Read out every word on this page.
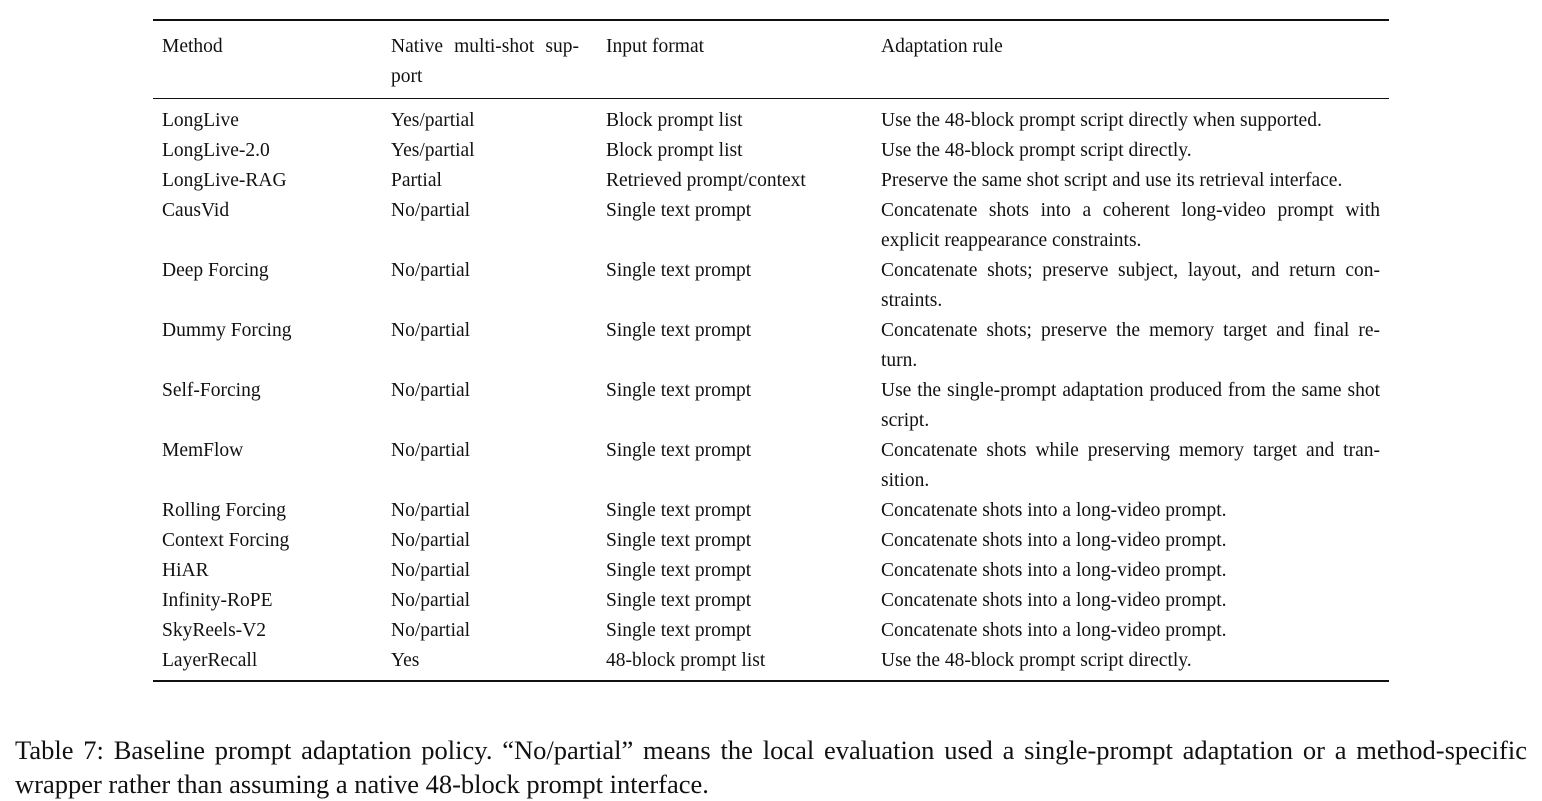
Method	Native multi-shot sup-port	Input format	Adaptation rule
LongLive	Yes/partial	Block prompt list	Use the 48-block prompt script directly when supported.
LongLive-2.0	Yes/partial	Block prompt list	Use the 48-block prompt script directly.
LongLive-RAG	Partial	Retrieved prompt/context	Preserve the same shot script and use its retrieval interface.
CausVid	No/partial	Single text prompt	Concatenate shots into a coherent long-video prompt with explicit reappearance constraints.
Deep Forcing	No/partial	Single text prompt	Concatenate shots; preserve subject, layout, and return con-straints.
Dummy Forcing	No/partial	Single text prompt	Concatenate shots; preserve the memory target and final re-turn.
Self-Forcing	No/partial	Single text prompt	Use the single-prompt adaptation produced from the same shot script.
MemFlow	No/partial	Single text prompt	Concatenate shots while preserving memory target and tran-sition.
Rolling Forcing	No/partial	Single text prompt	Concatenate shots into a long-video prompt.
Context Forcing	No/partial	Single text prompt	Concatenate shots into a long-video prompt.
HiAR	No/partial	Single text prompt	Concatenate shots into a long-video prompt.
Infinity-RoPE	No/partial	Single text prompt	Concatenate shots into a long-video prompt.
SkyReels-V2	No/partial	Single text prompt	Concatenate shots into a long-video prompt.
LayerRecall	Yes	48-block prompt list	Use the 48-block prompt script directly.

Table 7: Baseline prompt adaptation policy. “No/partial” means the local evaluation used a single-prompt adaptation or a method-specific wrapper rather than assuming a native 48-block prompt interface.
